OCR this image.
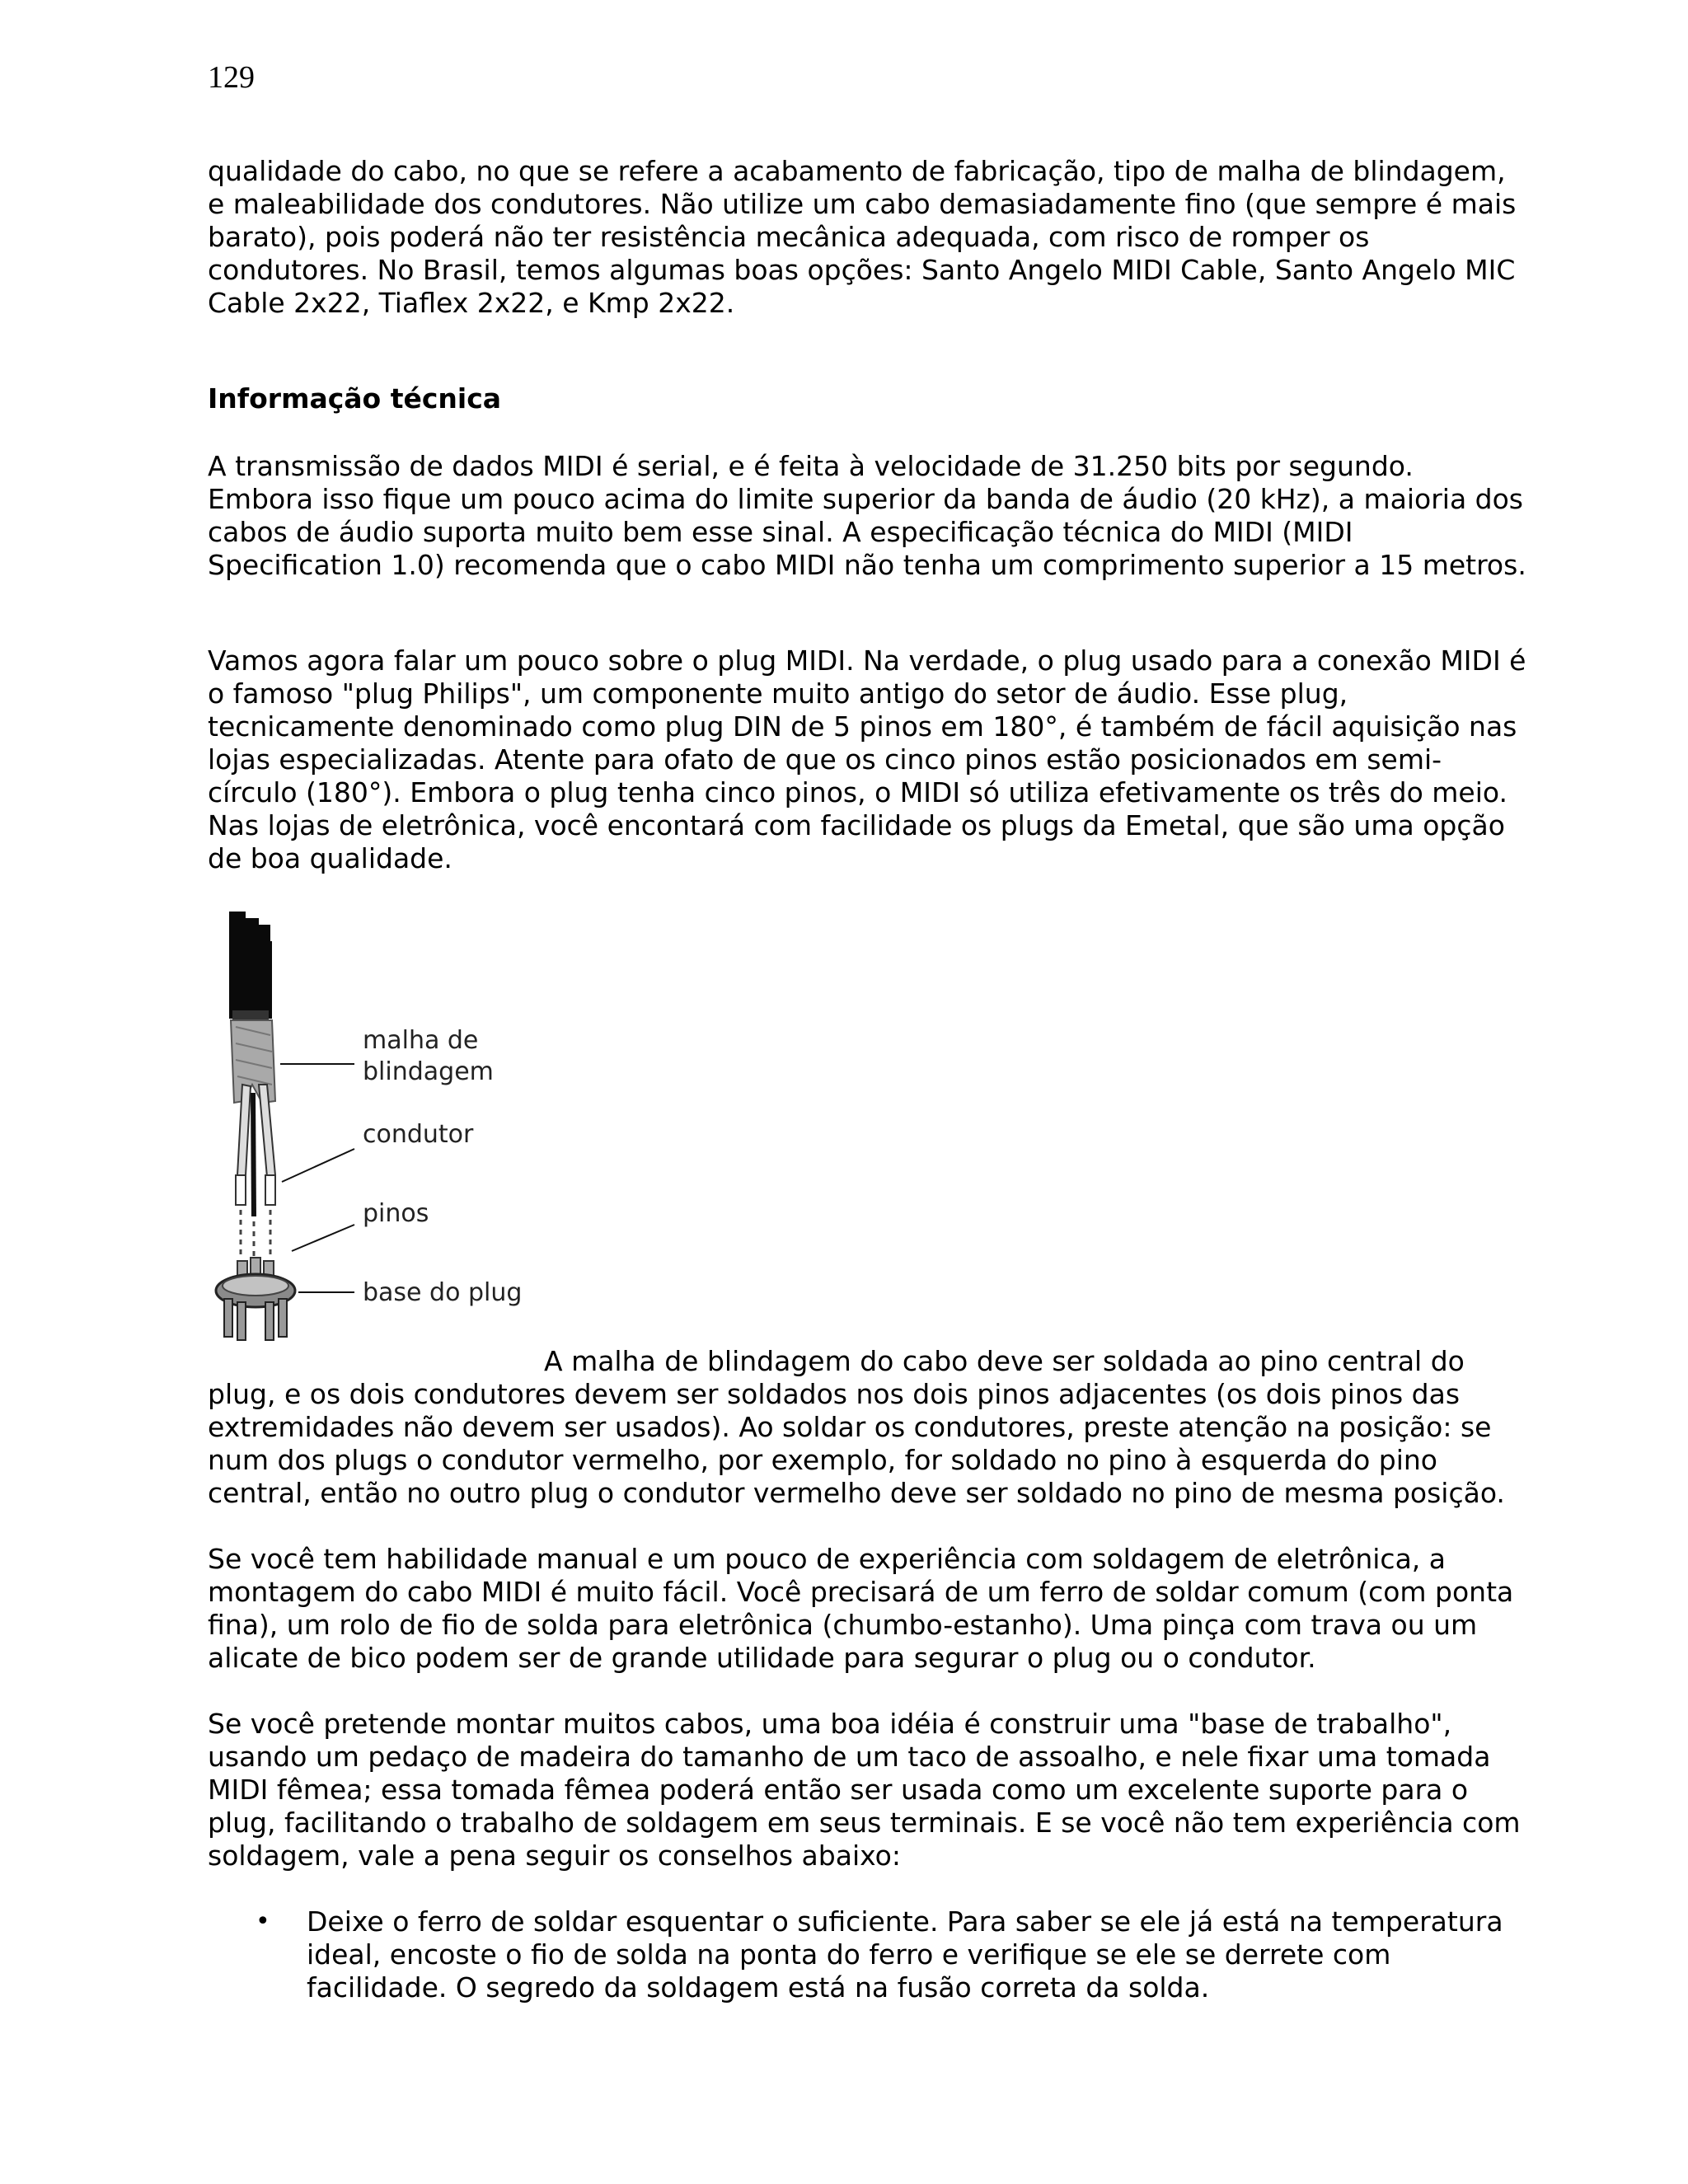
129

qualidade do cabo, no que se refere a acabamento de fabricação, tipo de malha de blindagem, e maleabilidade dos condutores. Não utilize um cabo demasiadamente fino (que sempre é mais barato), pois poderá não ter resistência mecânica adequada, com risco de romper os condutores. No Brasil, temos algumas boas opções: Santo Angelo MIDI Cable, Santo Angelo MIC Cable 2x22, Tiaflex 2x22, e Kmp 2x22.

Informação técnica

A transmissão de dados MIDI é serial, e é feita à velocidade de 31.250 bits por segundo. Embora isso fique um pouco acima do limite superior da banda de áudio (20 kHz), a maioria dos cabos de áudio suporta muito bem esse sinal. A especificação técnica do MIDI (MIDI Specification 1.0) recomenda que o cabo MIDI não tenha um comprimento superior a 15 metros.

Vamos agora falar um pouco sobre o plug MIDI. Na verdade, o plug usado para a conexão MIDI é o famoso "plug Philips", um componente muito antigo do setor de áudio. Esse plug, tecnicamente denominado como plug DIN de 5 pinos em 180°, é também de fácil aquisição nas lojas especializadas. Atente para ofato de que os cinco pinos estão posicionados em semi-círculo (180°). Embora o plug tenha cinco pinos, o MIDI só utiliza efetivamente os três do meio. Nas lojas de eletrônica, você encontará com facilidade os plugs da Emetal, que são uma opção de boa qualidade.

malha de
blindagem
condutor
pinos
base do plug

A malha de blindagem do cabo deve ser soldada ao pino central do plug, e os dois condutores devem ser soldados nos dois pinos adjacentes (os dois pinos das extremidades não devem ser usados). Ao soldar os condutores, preste atenção na posição: se num dos plugs o condutor vermelho, por exemplo, for soldado no pino à esquerda do pino central, então no outro plug o condutor vermelho deve ser soldado no pino de mesma posição.

Se você tem habilidade manual e um pouco de experiência com soldagem de eletrônica, a montagem do cabo MIDI é muito fácil. Você precisará de um ferro de soldar comum (com ponta fina), um rolo de fio de solda para eletrônica (chumbo-estanho). Uma pinça com trava ou um alicate de bico podem ser de grande utilidade para segurar o plug ou o condutor.

Se você pretende montar muitos cabos, uma boa idéia é construir uma "base de trabalho", usando um pedaço de madeira do tamanho de um taco de assoalho, e nele fixar uma tomada MIDI fêmea; essa tomada fêmea poderá então ser usada como um excelente suporte para o plug, facilitando o trabalho de soldagem em seus terminais. E se você não tem experiência com soldagem, vale a pena seguir os conselhos abaixo:

• Deixe o ferro de soldar esquentar o suficiente. Para saber se ele já está na temperatura ideal, encoste o fio de solda na ponta do ferro e verifique se ele se derrete com facilidade. O segredo da soldagem está na fusão correta da solda.
